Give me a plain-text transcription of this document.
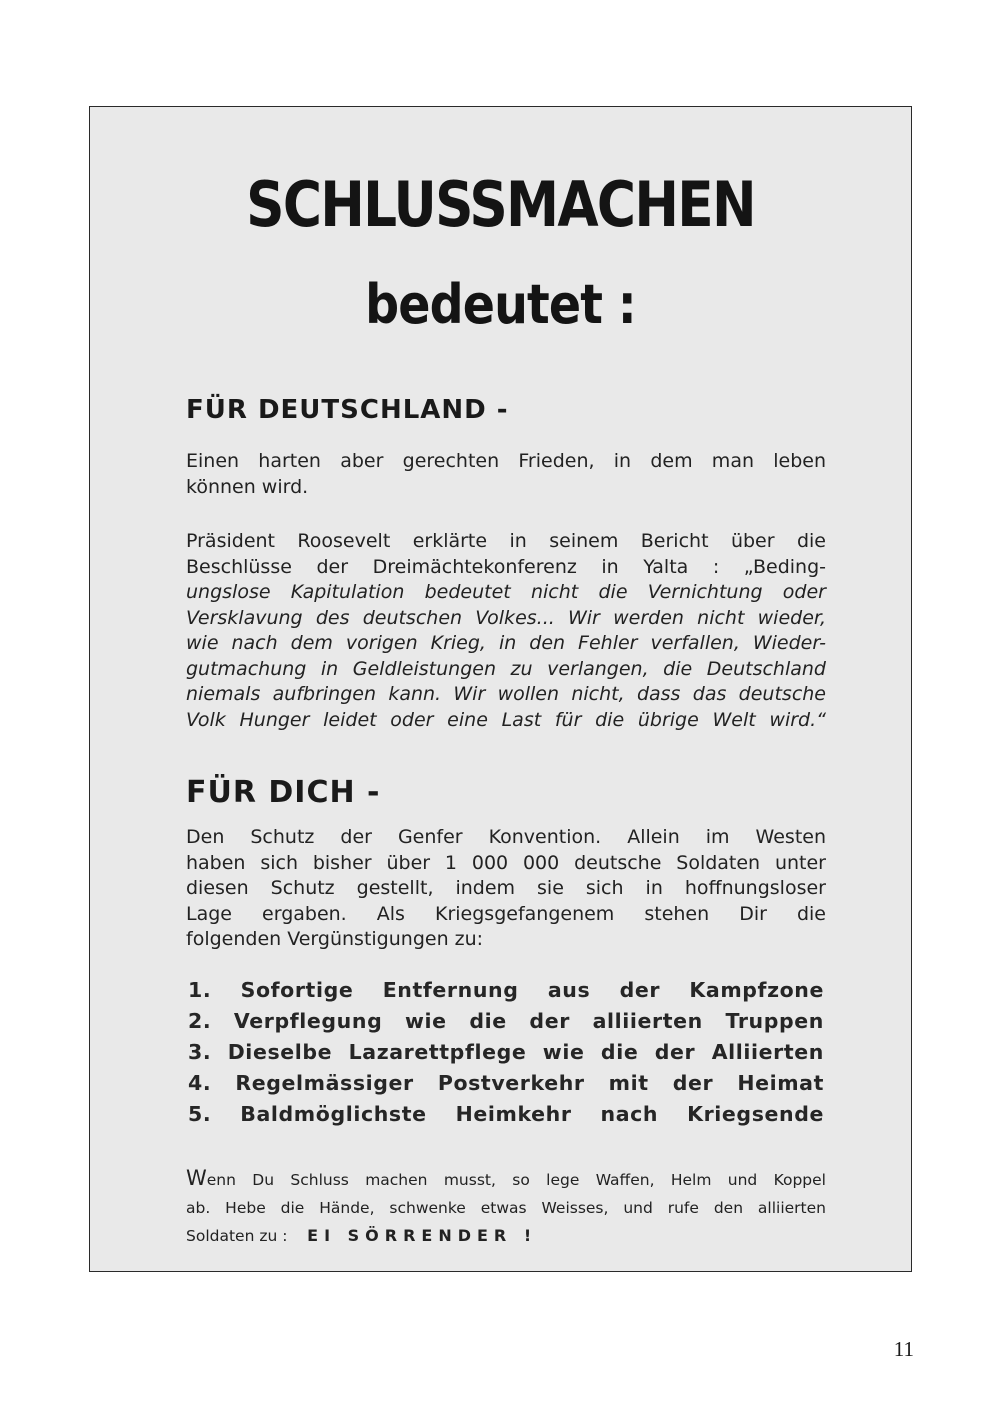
SCHLUSSMACHEN
bedeutet :
FÜR DEUTSCHLAND -
Einen harten aber gerechten Frieden, in dem man leben
können wird.
Präsident Roosevelt erklärte in seinem Bericht über die
Beschlüsse der Dreimächtekonferenz in Yalta : „Beding-
ungslose Kapitulation bedeutet nicht die Vernichtung oder
Versklavung des deutschen Volkes... Wir werden nicht wieder,
wie nach dem vorigen Krieg, in den Fehler verfallen, Wieder-
gutmachung in Geldleistungen zu verlangen, die Deutschland
niemals aufbringen kann. Wir wollen nicht, dass das deutsche
Volk Hunger leidet oder eine Last für die übrige Welt wird.“
FÜR DICH -
Den Schutz der Genfer Konvention. Allein im Westen
haben sich bisher über 1 000 000 deutsche Soldaten unter
diesen Schutz gestellt, indem sie sich in hoffnungsloser
Lage ergaben. Als Kriegsgefangenem stehen Dir die
folgenden Vergünstigungen zu:
1. Sofortige Entfernung aus der Kampfzone
2. Verpflegung wie die der alliierten Truppen
3. Dieselbe Lazarettpflege wie die der Alliierten
4. Regelmässiger Postverkehr mit der Heimat
5. Baldmöglichste Heimkehr nach Kriegsende
Wenn Du Schluss machen musst, so lege Waffen, Helm und Koppel
ab. Hebe die Hände, schwenke etwas Weisses, und rufe den alliierten
Soldaten zu : EI SÖRRENDER !
11
